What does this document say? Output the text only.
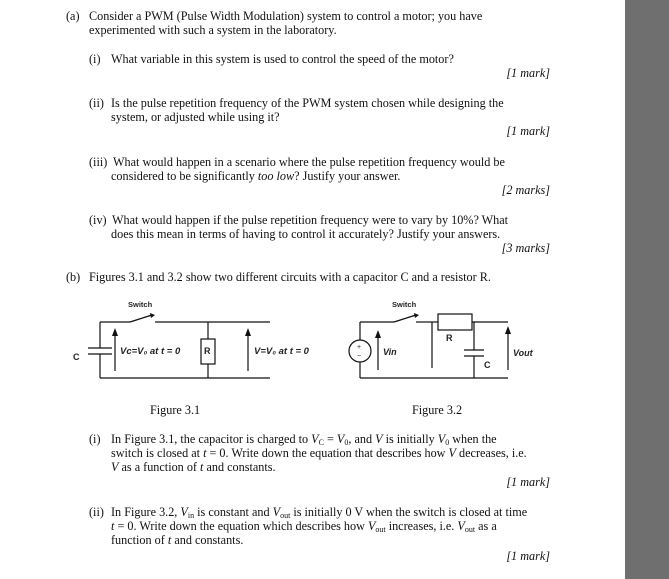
(a) Consider a PWM (Pulse Width Modulation) system to control a motor; you have
experimented with such a system in the laboratory.
(i) What variable in this system is used to control the speed of the motor?
[1 mark]
(ii) Is the pulse repetition frequency of the PWM system chosen while designing the
system, or adjusted while using it?
[1 mark]
(iii) What would happen in a scenario where the pulse repetition frequency would be
considered to be significantly too low? Justify your answer.
[2 marks]
(iv) What would happen if the pulse repetition frequency were to vary by 10%? What
does this mean in terms of having to control it accurately? Justify your answers.
[3 marks]
(b) Figures 3.1 and 3.2 show two different circuits with a capacitor C and a resistor R.
Switch
C
R
Vc=V₀ at t = 0	V=V₀ at t = 0	+
−
Switch
R
C
Vin	Vout
Figure 3.1	Figure 3.2
(i) In Figure 3.1, the capacitor is charged to $V_C = V_0$, and V is initially $V_0$ when the
switch is closed at t = 0. Write down the equation that describes how V decreases, i.e.
V as a function of t and constants.
[1 mark]
(ii) In Figure 3.2, $V_{in}$ is constant and $V_{out}$ is initially 0 V when the switch is closed at time
t = 0. Write down the equation which describes how $V_{out}$ increases, i.e. $V_{out}$ as a
function of t and constants.
[1 mark]
